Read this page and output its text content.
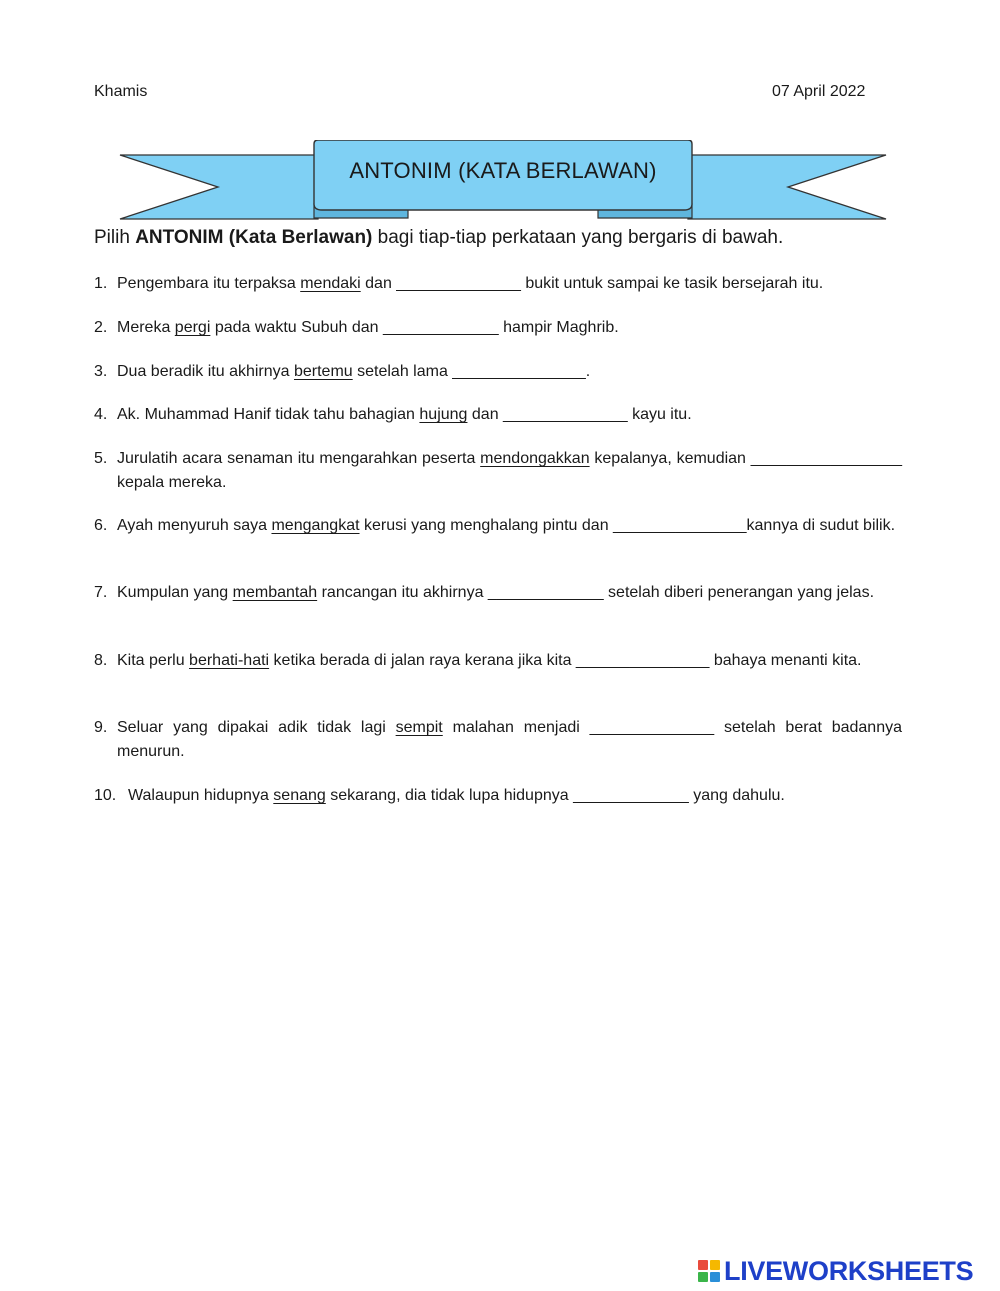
Khamis	07 April 2022
ANTONIM (KATA BERLAWAN)
Pilih ANTONIM (Kata Berlawan) bagi tiap-tiap perkataan yang bergaris di bawah.
1. Pengembara itu terpaksa mendaki dan ______________ bukit untuk sampai ke tasik bersejarah itu.
2. Mereka pergi pada waktu Subuh dan _____________ hampir Maghrib.
3. Dua beradik itu akhirnya bertemu setelah lama _______________.
4. Ak. Muhammad Hanif tidak tahu bahagian hujung dan ______________ kayu itu.
5. Jurulatih acara senaman itu mengarahkan peserta mendongakkan kepalanya, kemudian _________________ kepala mereka.
6. Ayah menyuruh saya mengangkat kerusi yang menghalang pintu dan _______________kannya di sudut bilik.
7. Kumpulan yang membantah rancangan itu akhirnya _____________ setelah diberi penerangan yang jelas.
8. Kita perlu berhati-hati ketika berada di jalan raya kerana jika kita _______________ bahaya menanti kita.
9. Seluar yang dipakai adik tidak lagi sempit malahan menjadi ______________ setelah berat badannya menurun.
10. Walaupun hidupnya senang sekarang, dia tidak lupa hidupnya _____________ yang dahulu.
LIVEWORKSHEETS
